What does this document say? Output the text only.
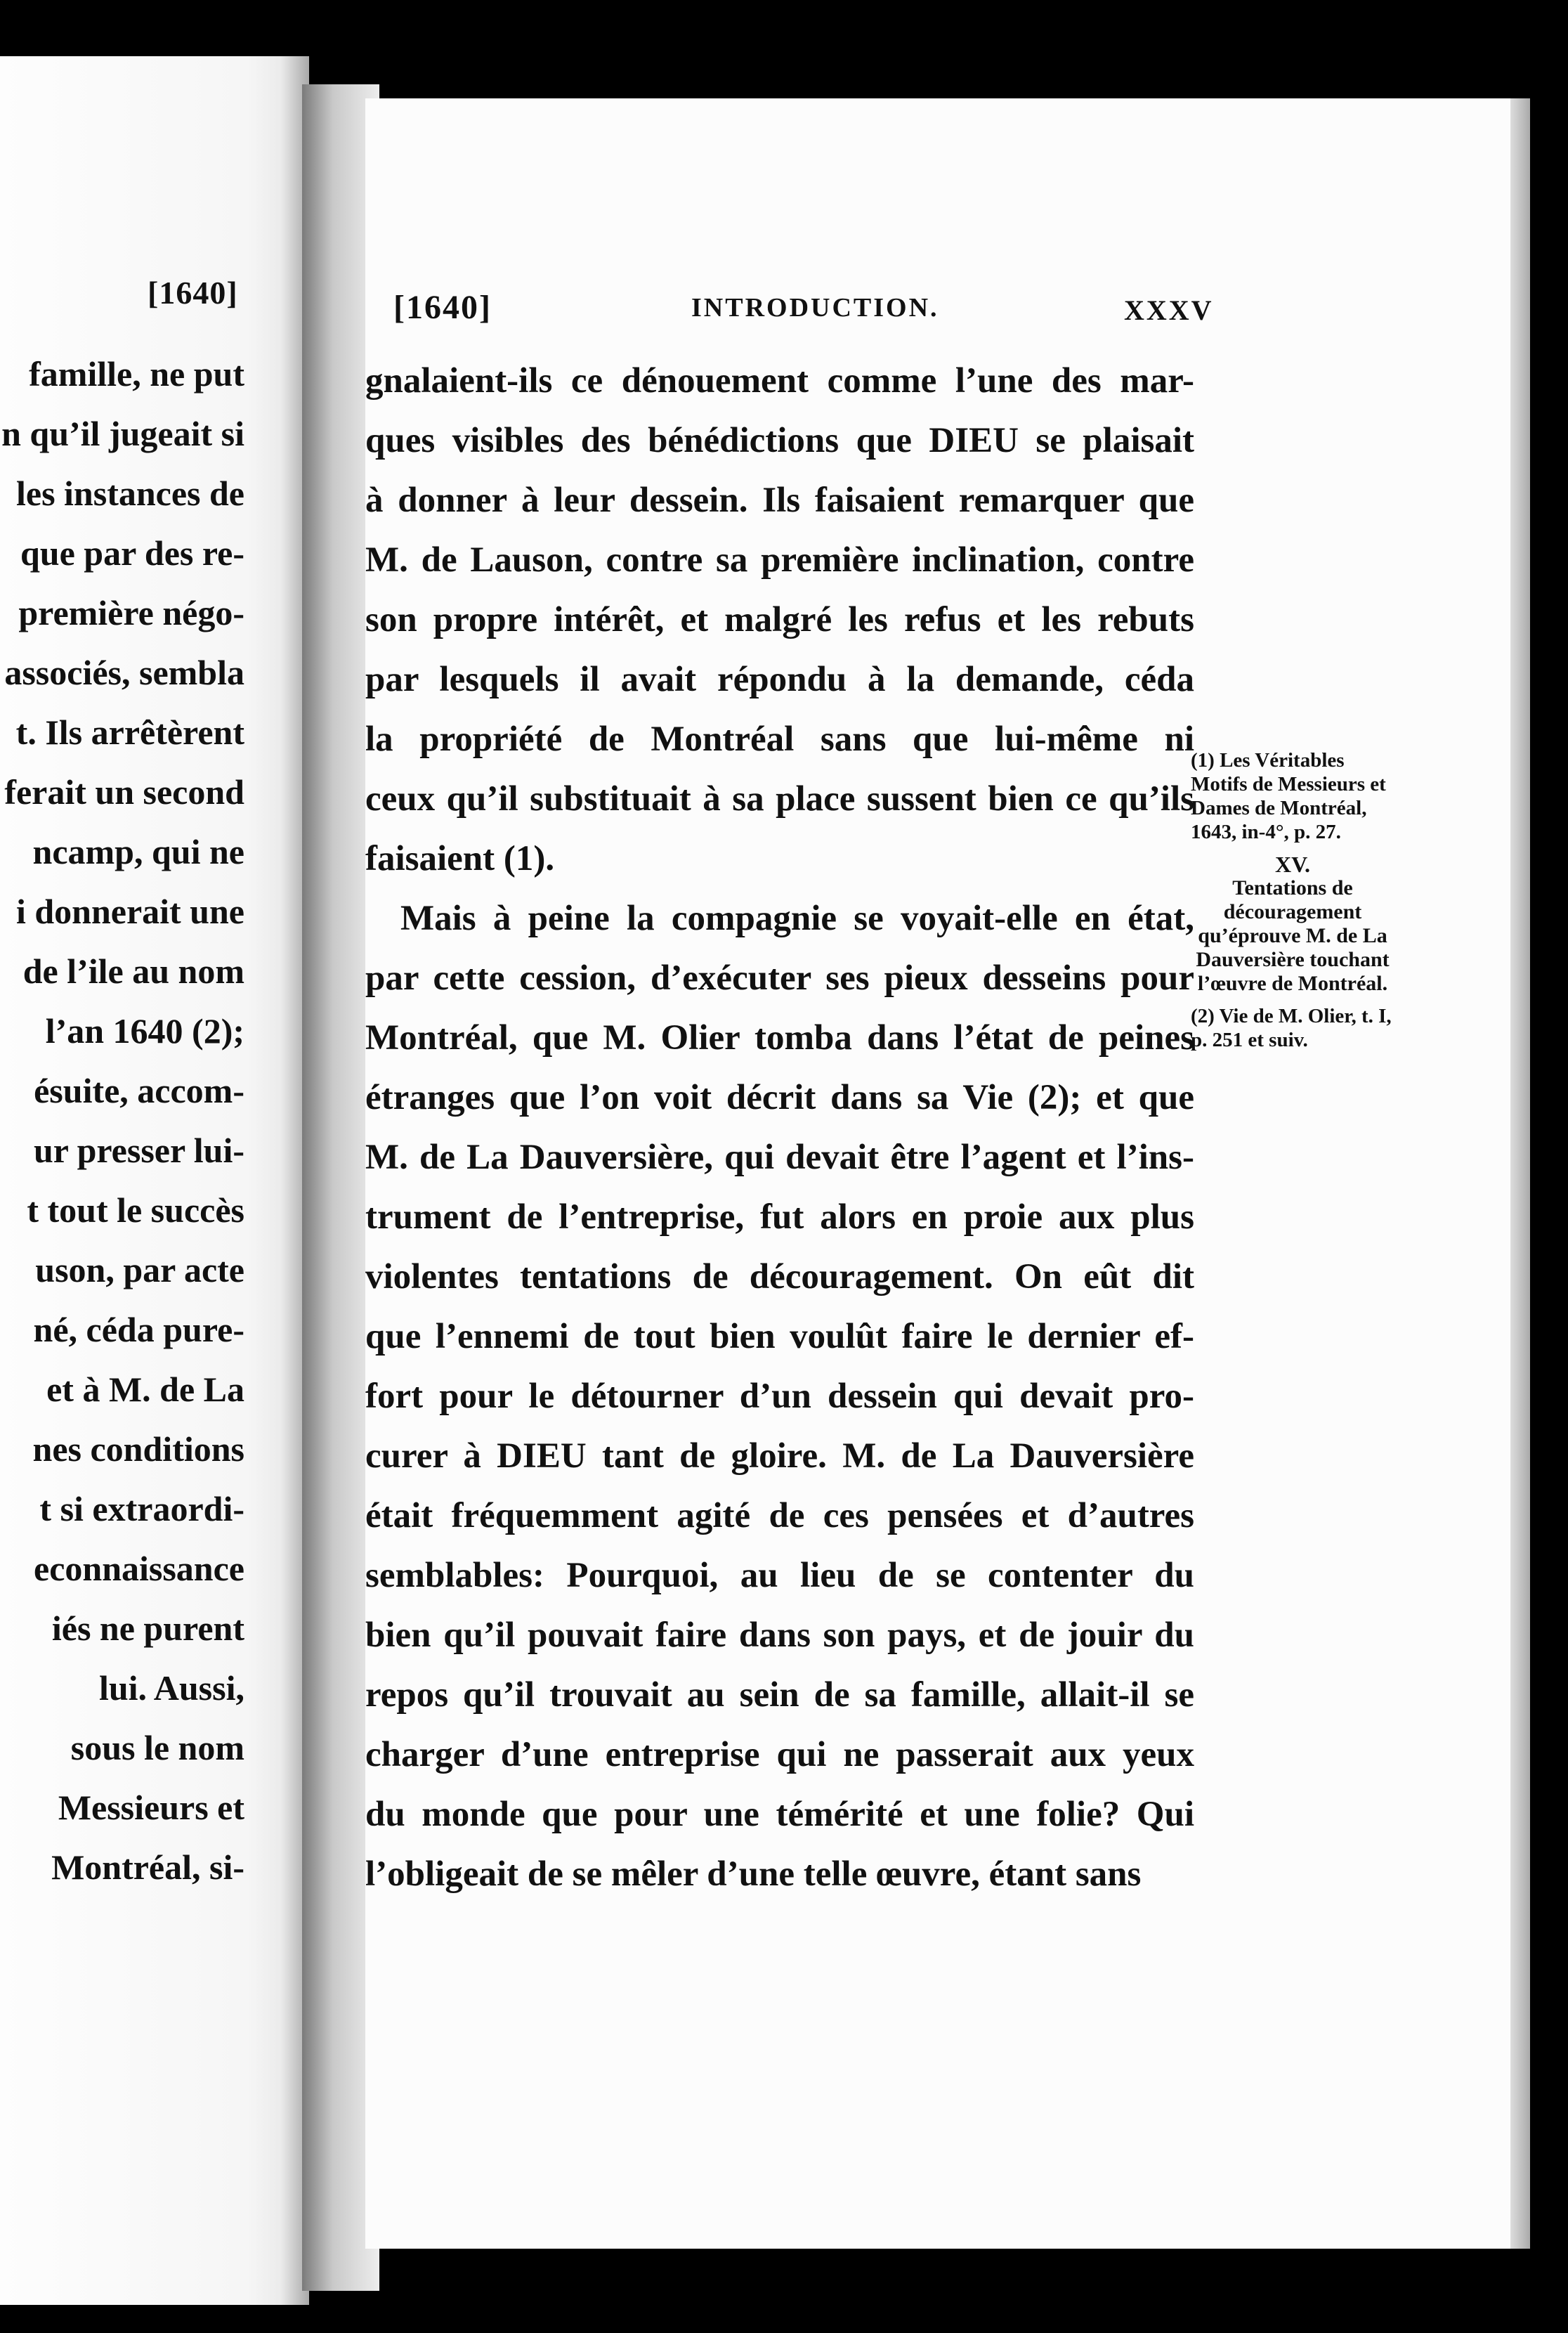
[1640]
famille, ne put
n qu’il jugeait si
les instances de
que par des re-
première négo-
associés, sembla
t. Ils arrêtèrent
ferait un second
ncamp, qui ne
i donnerait une
de l’ile au nom
l’an 1640 (2);
ésuite, accom-
ur presser lui-
t tout le succès
uson, par acte
né, céda pure-
et à M. de La
nes conditions
t si extraordi-
econnaissance
iés ne purent
lui. Aussi,
sous le nom
Messieurs et
Montréal, si-
[1640]	INTRODUCTION.	XXXV
gnalaient-ils ce dénouement comme l’une des mar-
ques visibles des bénédictions que DIEU se plaisait
à donner à leur dessein. Ils faisaient remarquer que
M. de Lauson, contre sa première inclination, contre
son propre intérêt, et malgré les refus et les rebuts
par lesquels il avait répondu à la demande, céda
la propriété de Montréal sans que lui-même ni
ceux qu’il substituait à sa place sussent bien ce qu’ils
faisaient (1).
Mais à peine la compagnie se voyait-elle en état,
par cette cession, d’exécuter ses pieux desseins pour
Montréal, que M. Olier tomba dans l’état de peines
étranges que l’on voit décrit dans sa Vie (2); et que
M. de La Dauversière, qui devait être l’agent et l’ins-
trument de l’entreprise, fut alors en proie aux plus
violentes tentations de découragement. On eût dit
que l’ennemi de tout bien voulût faire le dernier ef-
fort pour le détourner d’un dessein qui devait pro-
curer à DIEU tant de gloire. M. de La Dauversière
était fréquemment agité de ces pensées et d’autres
semblables: Pourquoi, au lieu de se contenter du
bien qu’il pouvait faire dans son pays, et de jouir du
repos qu’il trouvait au sein de sa famille, allait-il se
charger d’une entreprise qui ne passerait aux yeux
du monde que pour une témérité et une folie? Qui
l’obligeait de se mêler d’une telle œuvre, étant sans
(1) Les Véritables Motifs de Messieurs et Dames de Montréal, 1643, in-4°, p. 27.
XV.
Tentations de découragement qu’éprouve M. de La Dauversière touchant l’œuvre de Montréal.
(2) Vie de M. Olier, t. I, p. 251 et suiv.
